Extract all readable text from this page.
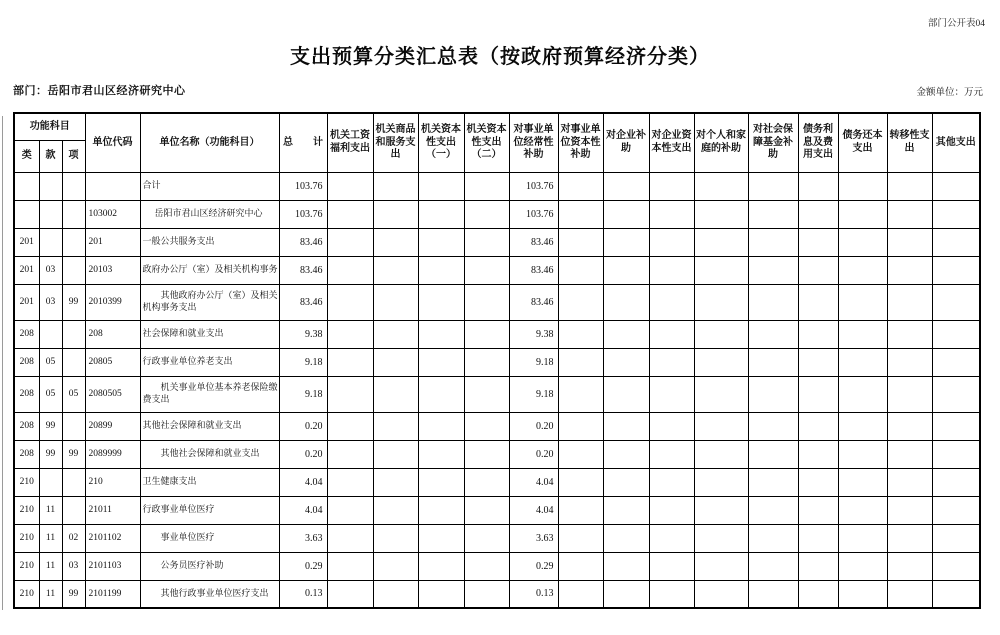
部门公开表04
支出预算分类汇总表（按政府预算经济分类）
部门：岳阳市君山区经济研究中心	金额单位：万元
功能科目			单位代码	单位名称（功能科目）	总　　计	机关工资福利支出	机关商品和服务支出	机关资本性支出（一）	机关资本性支出（二）	对事业单位经常性补助	对事业单位资本性补助	对企业补助	对企业资本性支出	对个人和家庭的补助	对社会保障基金补助	债务利息及费用支出	债务还本支出	转移性支出	其他支出
类	款	项																	
				合计	103.76					103.76									
			103002	岳阳市君山区经济研究中心	103.76					103.76									
201			201	一般公共服务支出	83.46					83.46									
201	03		20103	政府办公厅（室）及相关机构事务	83.46					83.46									
201	03	99	2010399	其他政府办公厅（室）及相关机构事务支出	83.46					83.46									
208			208	社会保障和就业支出	9.38					9.38									
208	05		20805	行政事业单位养老支出	9.18					9.18									
208	05	05	2080505	机关事业单位基本养老保险缴费支出	9.18					9.18									
208	99		20899	其他社会保障和就业支出	0.20					0.20									
208	99	99	2089999	其他社会保障和就业支出	0.20					0.20									
210			210	卫生健康支出	4.04					4.04									
210	11		21011	行政事业单位医疗	4.04					4.04									
210	11	02	2101102	事业单位医疗	3.63					3.63									
210	11	03	2101103	公务员医疗补助	0.29					0.29									
210	11	99	2101199	其他行政事业单位医疗支出	0.13					0.13									
